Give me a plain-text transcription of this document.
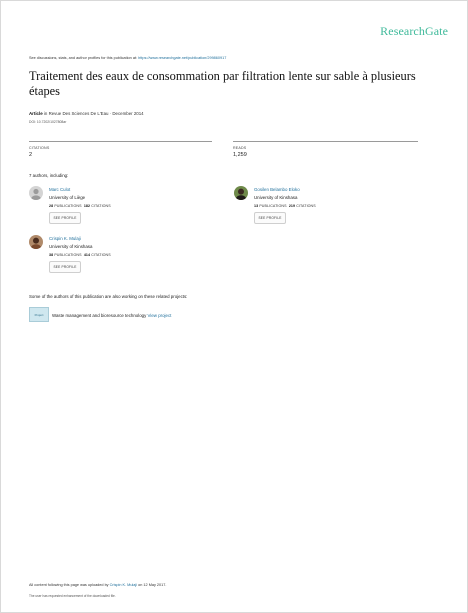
ResearchGate
See discussions, stats, and author profiles for this publication at: https://www.researchgate.net/publication/299860917
Traitement des eaux de consommation par filtration lente sur sable à plusieurs étapes
Article in Revue Des Sciences De L'Eau · December 2014
DOI: 10.7202/1027808ar
CITATIONS
2
READS
1,259
7 authors, including:
Marc Culot
University of Liège
28 PUBLICATIONS 182 CITATIONS
SEE PROFILE
Gosilen Belambo Eloko
University of Kinshasa
13 PUBLICATIONS 219 CITATIONS
SEE PROFILE
Crispin K. Mulaji
University of Kinshasa
38 PUBLICATIONS 414 CITATIONS
SEE PROFILE
Some of the authors of this publication are also working on these related projects:
Project	Waste management and bioresource technology View project
All content following this page was uploaded by Crispin K. Mulaji on 12 May 2017.
The user has requested enhancement of the downloaded file.
